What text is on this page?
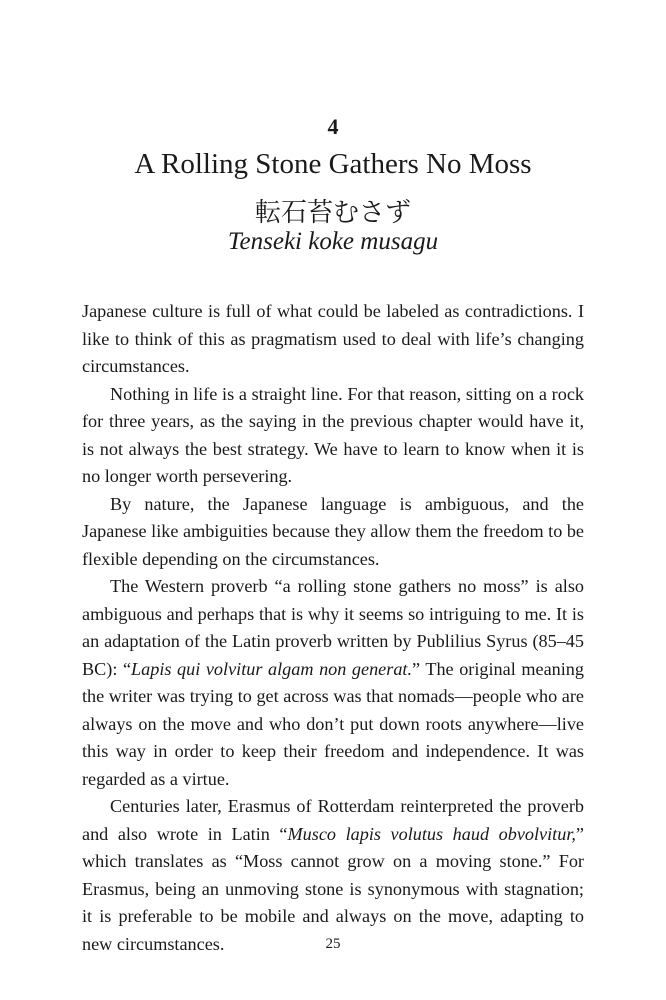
4
A Rolling Stone Gathers No Moss
転石苔むさず
Tenseki koke musagu

Japanese culture is full of what could be labeled as contradictions. I like to think of this as pragmatism used to deal with life’s changing circumstances.

Nothing in life is a straight line. For that reason, sitting on a rock for three years, as the saying in the previous chapter would have it, is not always the best strategy. We have to learn to know when it is no longer worth persevering.

By nature, the Japanese language is ambiguous, and the Japanese like ambiguities because they allow them the freedom to be flexible depending on the circumstances.

The Western proverb “a rolling stone gathers no moss” is also ambiguous and perhaps that is why it seems so intriguing to me. It is an adaptation of the Latin proverb written by Publilius Syrus (85–45 BC): “Lapis qui volvitur algam non generat.” The original meaning the writer was trying to get across was that nomads—people who are always on the move and who don’t put down roots anywhere—live this way in order to keep their freedom and independence. It was regarded as a virtue.

Centuries later, Erasmus of Rotterdam reinterpreted the proverb and also wrote in Latin “Musco lapis volutus haud obvolvitur,” which translates as “Moss cannot grow on a moving stone.” For Erasmus, being an unmoving stone is synonymous with stagnation; it is preferable to be mobile and always on the move, adapting to new circumstances.	25
